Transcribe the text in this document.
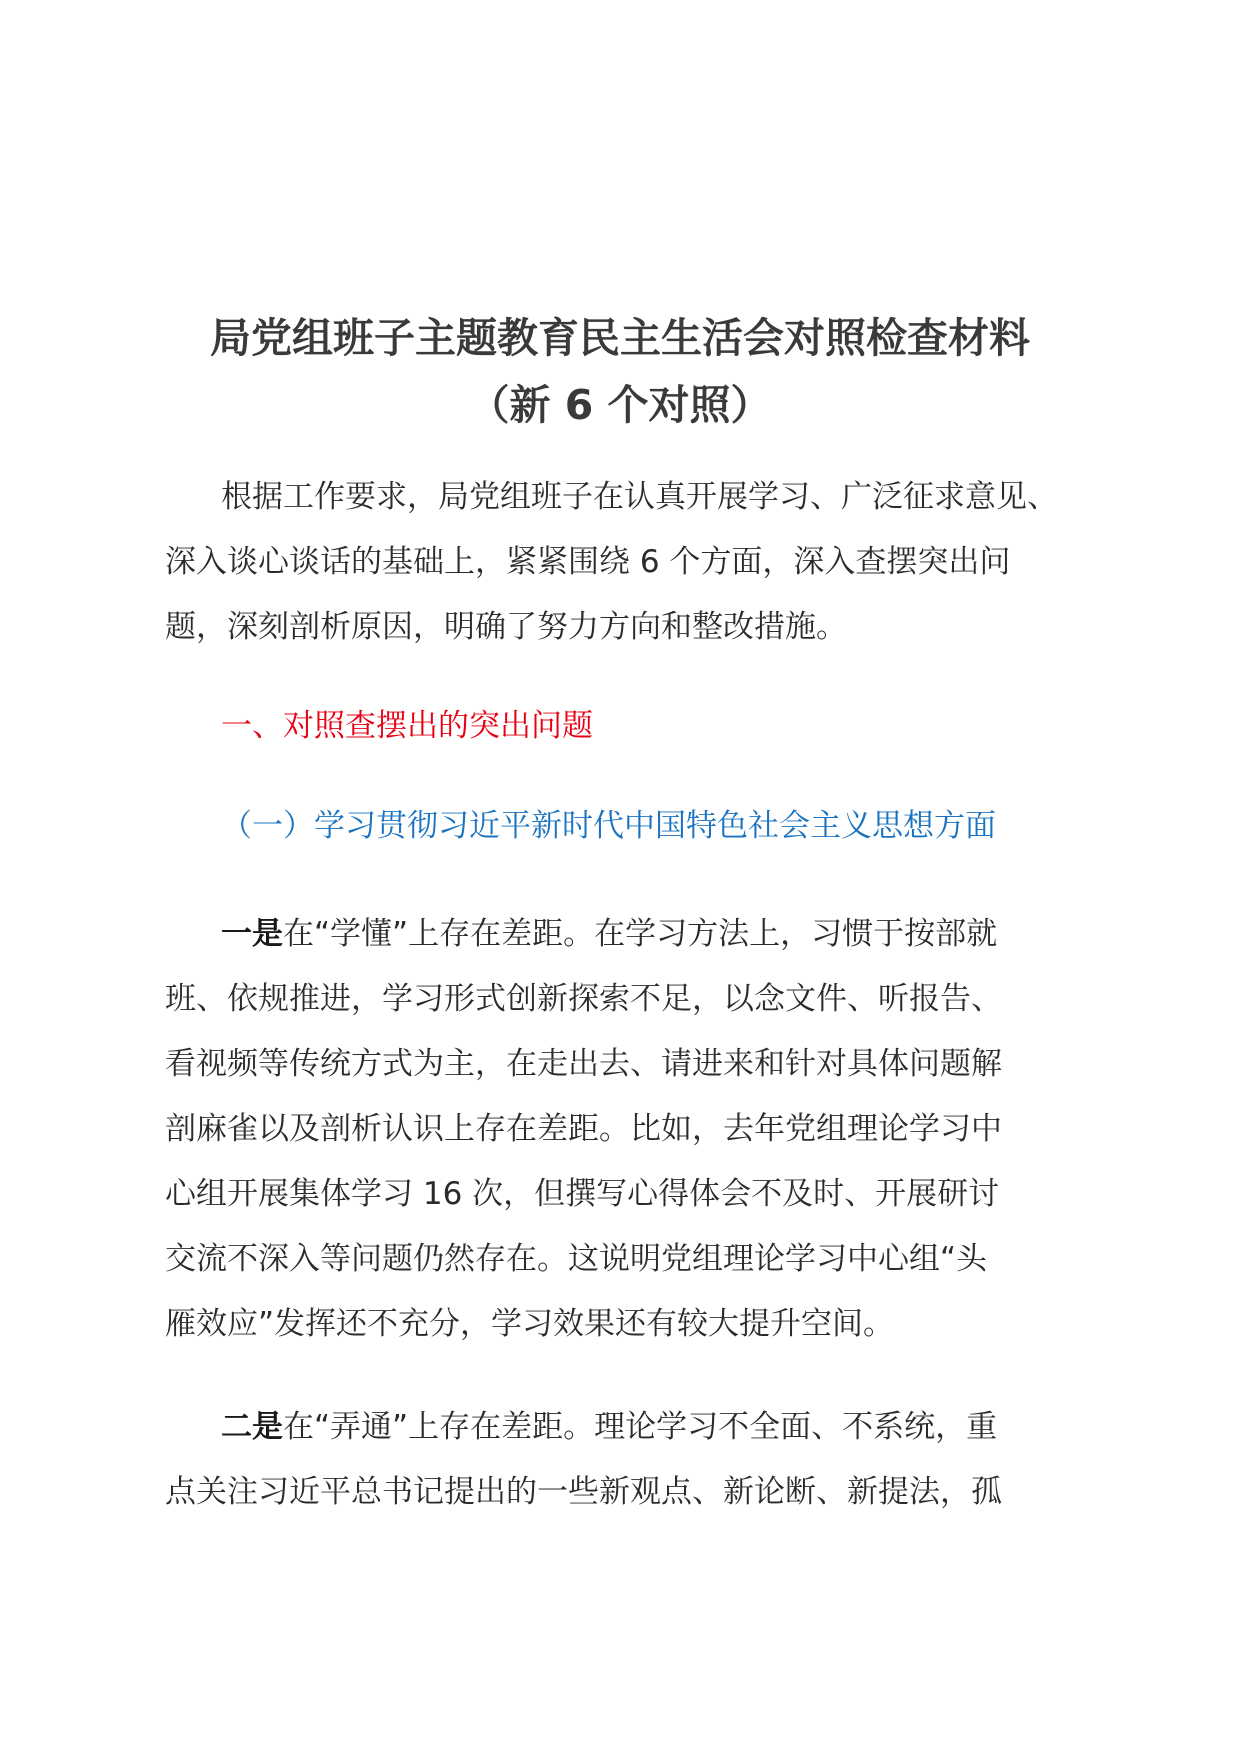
局党组班子主题教育民主生活会对照检查材料
（新 6 个对照）
根据工作要求，局党组班子在认真开展学习、广泛征求意见、
深入谈心谈话的基础上，紧紧围绕 6 个方面，深入查摆突出问
题，深刻剖析原因，明确了努力方向和整改措施。
一、对照查摆出的突出问题
（一）学习贯彻习近平新时代中国特色社会主义思想方面
一是在“学懂”上存在差距。在学习方法上，习惯于按部就
班、依规推进，学习形式创新探索不足，以念文件、听报告、
看视频等传统方式为主，在走出去、请进来和针对具体问题解
剖麻雀以及剖析认识上存在差距。比如，去年党组理论学习中
心组开展集体学习 16 次，但撰写心得体会不及时、开展研讨
交流不深入等问题仍然存在。这说明党组理论学习中心组“头
雁效应”发挥还不充分，学习效果还有较大提升空间。
二是在“弄通”上存在差距。理论学习不全面、不系统，重
点关注习近平总书记提出的一些新观点、新论断、新提法，孤
